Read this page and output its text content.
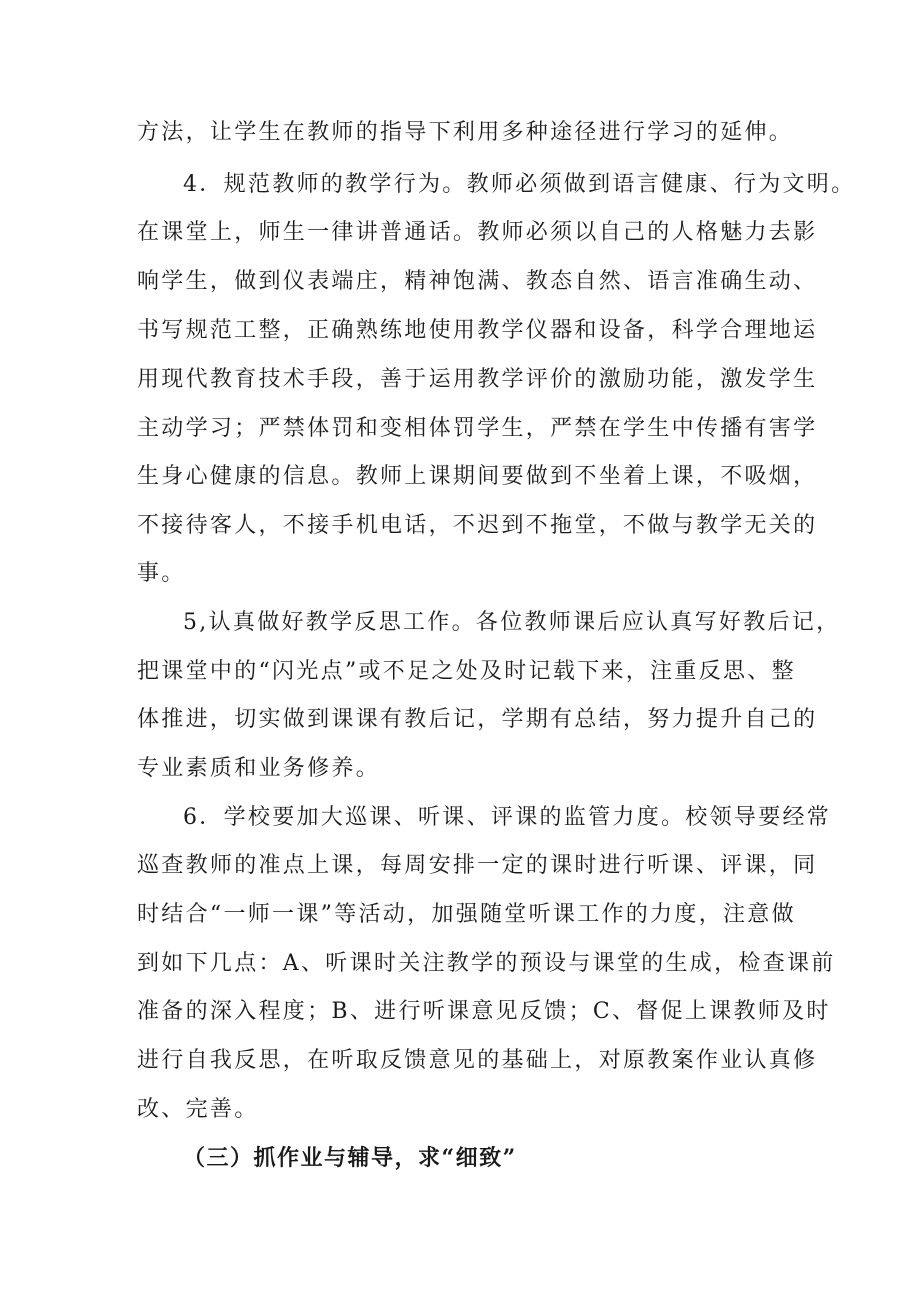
方法，让学生在教师的指导下利用多种途径进行学习的延伸。
4．规范教师的教学行为。教师必须做到语言健康、行为文明。
在课堂上，师生一律讲普通话。教师必须以自己的人格魅力去影
响学生，做到仪表端庄，精神饱满、教态自然、语言准确生动、
书写规范工整，正确熟练地使用教学仪器和设备，科学合理地运
用现代教育技术手段，善于运用教学评价的激励功能，激发学生
主动学习；严禁体罚和变相体罚学生，严禁在学生中传播有害学
生身心健康的信息。教师上课期间要做到不坐着上课，不吸烟，
不接待客人，不接手机电话，不迟到不拖堂，不做与教学无关的
事。
5,认真做好教学反思工作。各位教师课后应认真写好教后记，
把课堂中的“闪光点”或不足之处及时记载下来，注重反思、整
体推进，切实做到课课有教后记，学期有总结，努力提升自己的
专业素质和业务修养。
6．学校要加大巡课、听课、评课的监管力度。校领导要经常
巡查教师的准点上课，每周安排一定的课时进行听课、评课，同
时结合“一师一课”等活动，加强随堂听课工作的力度，注意做
到如下几点：A、听课时关注教学的预设与课堂的生成，检查课前
准备的深入程度；B、进行听课意见反馈；C、督促上课教师及时
进行自我反思，在听取反馈意见的基础上，对原教案作业认真修
改、完善。
（三）抓作业与辅导，求“细致”
